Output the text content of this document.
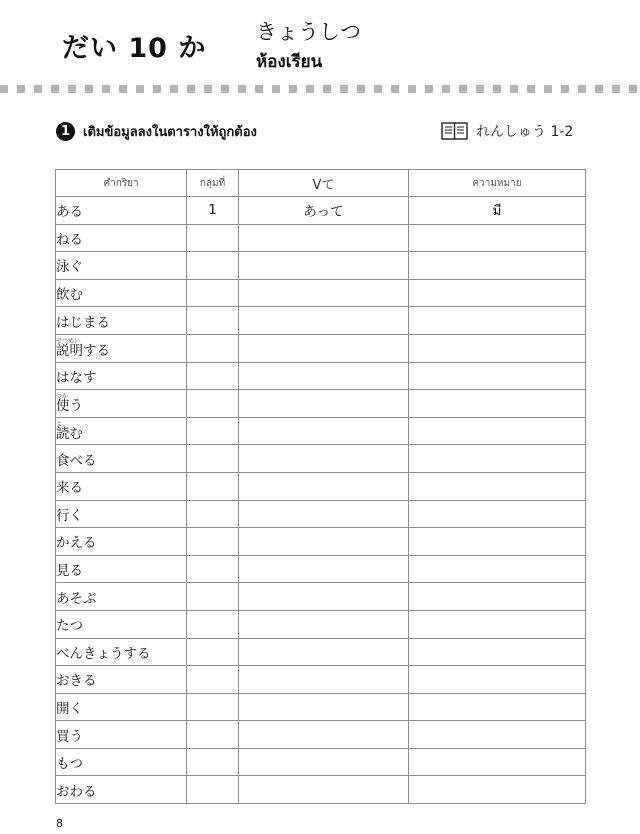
だい 10 か
きょうしつ
ห้องเรียน
1 เติมข้อมูลลงในตารางให้ถูกต้อง	れんしゅう 1-2
คำกริยา	กลุ่มที่	Vて	ความหมาย
ある	1	あって	มี
ねる			
泳ぐ			
飲む			
はじまる			

せつめい
説明する			

はなす			

つか
使う			

よ
読む			

食べる			
来る			
行く			
かえる			
見る			
あそぶ			
たつ			
べんきょうする			
おきる			
開く			
買う			
もつ			
おわる			
8
